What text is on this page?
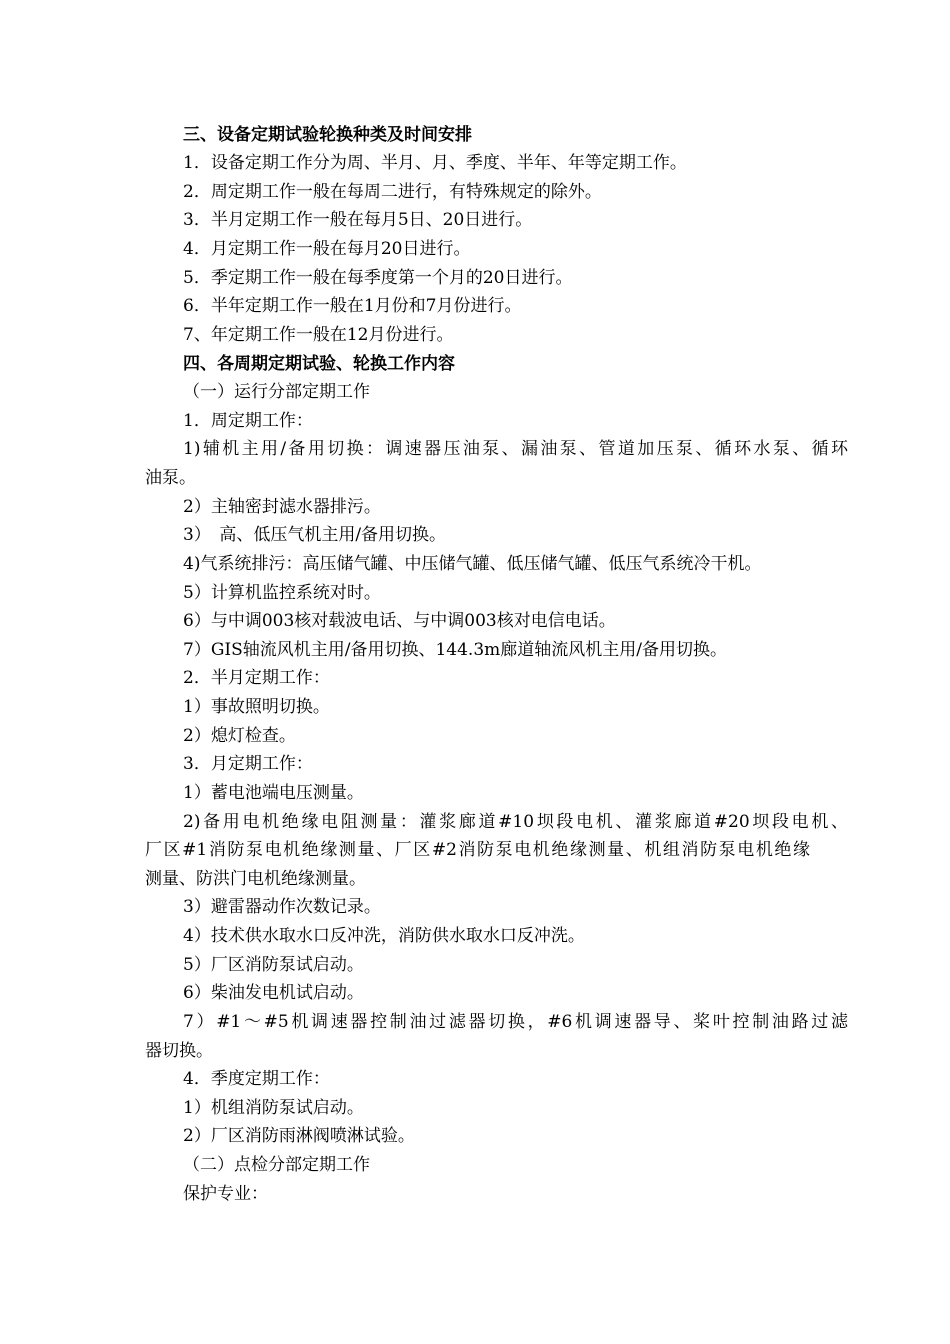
三、设备定期试验轮换种类及时间安排
1．设备定期工作分为周、半月、月、季度、半年、年等定期工作。
2．周定期工作一般在每周二进行，有特殊规定的除外。
3．半月定期工作一般在每月5日、20日进行。
4．月定期工作一般在每月20日进行。
5．季定期工作一般在每季度第一个月的20日进行。
6．半年定期工作一般在1月份和7月份进行。
7、年定期工作一般在12月份进行。
四、各周期定期试验、轮换工作内容
（一）运行分部定期工作
1．周定期工作：
1)辅机主用/备用切换：调速器压油泵、漏油泵、管道加压泵、循环水泵、循环
油泵。
2）主轴密封滤水器排污。
3）　高、低压气机主用/备用切换。
4)气系统排污：高压储气罐、中压储气罐、低压储气罐、低压气系统冷干机。
5）计算机监控系统对时。
6）与中调003核对载波电话、与中调003核对电信电话。
7）GIS轴流风机主用/备用切换、144.3m廊道轴流风机主用/备用切换。
2．半月定期工作：
1）事故照明切换。
2）熄灯检查。
3．月定期工作：
1）蓄电池端电压测量。
2)备用电机绝缘电阻测量：灌浆廊道#10坝段电机、灌浆廊道#20坝段电机、
厂区#1消防泵电机绝缘测量、厂区#2消防泵电机绝缘测量、机组消防泵电机绝缘
测量、防洪门电机绝缘测量。
3）避雷器动作次数记录。
4）技术供水取水口反冲洗，消防供水取水口反冲洗。
5）厂区消防泵试启动。
6）柴油发电机试启动。
7）#1～#5机调速器控制油过滤器切换，#6机调速器导、桨叶控制油路过滤
器切换。
4．季度定期工作：
1）机组消防泵试启动。
2）厂区消防雨淋阀喷淋试验。
（二）点检分部定期工作
保护专业：
